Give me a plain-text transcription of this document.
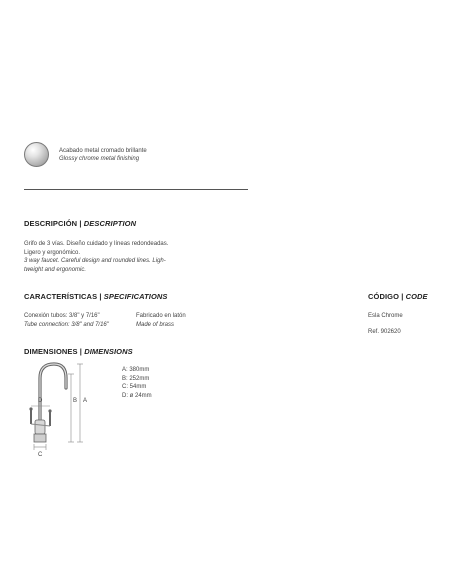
Acabado metal cromado brillante
Glossy chrome metal finishing
DESCRIPCIÓN | DESCRIPTION
Grifo de 3 vías. Diseño cuidado y líneas redondeadas.
Ligero y ergonómico.
3 way faucet. Careful design and rounded lines. Ligh-
tweight and ergonomic.
CARACTERÍSTICAS | SPECIFICATIONS
Conexión tubos: 3/8" y 7/16"
Tube connection: 3/8" and 7/16"
Fabricado en latón
Made of brass
CÓDIGO | CODE
Esla Chrome
Ref. 902620
DIMENSIONES | DIMENSIONS
B A
D
C
A: 380mm
B: 252mm
C: 54mm
D: ø 24mm
